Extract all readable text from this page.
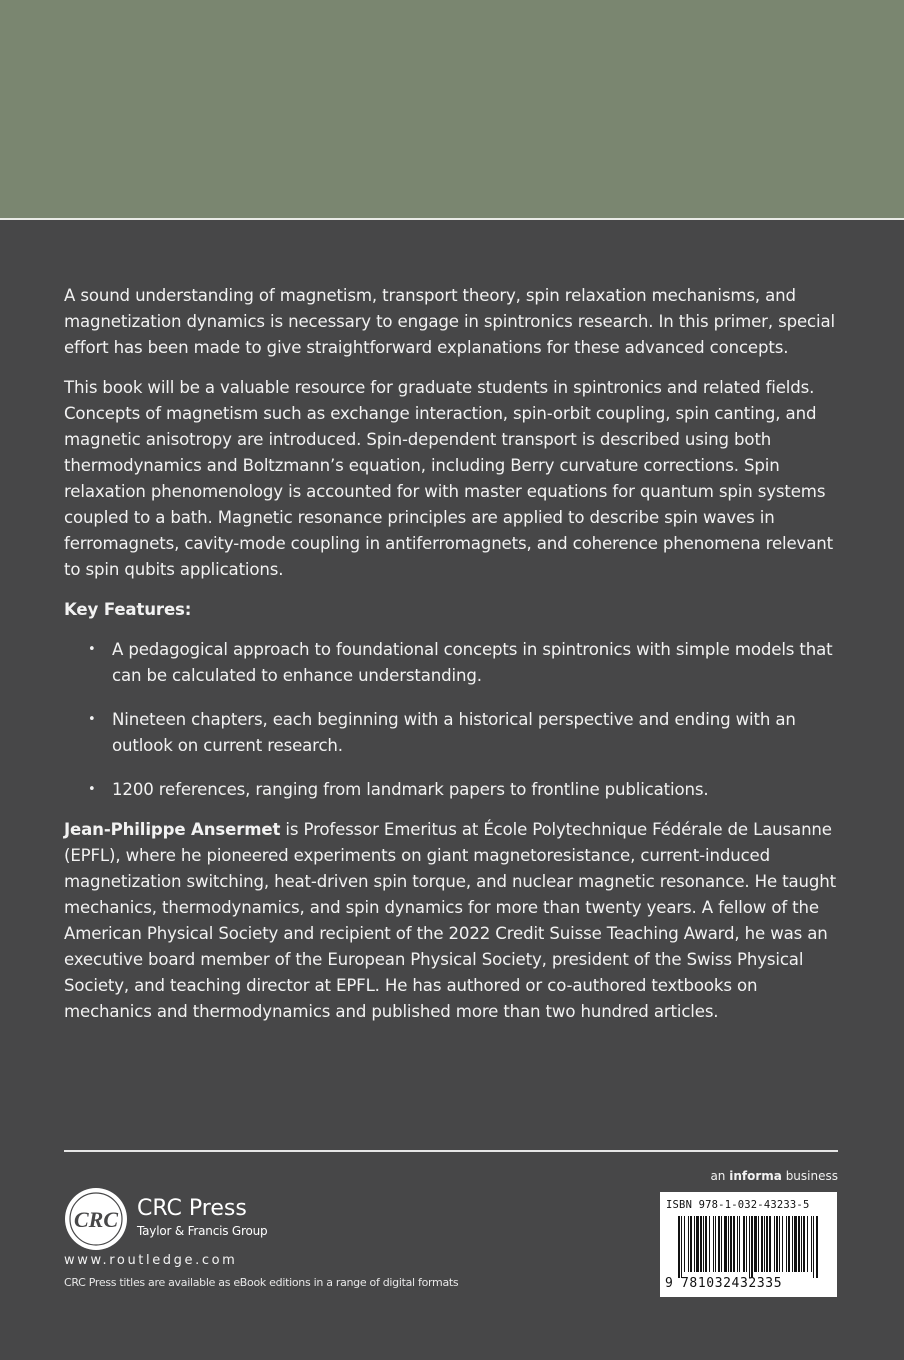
A sound understanding of magnetism, transport theory, spin relaxation mechanisms, and magnetization dynamics is necessary to engage in spintronics research. In this primer, special effort has been made to give straightforward explanations for these advanced concepts.

This book will be a valuable resource for graduate students in spintronics and related fields. Concepts of magnetism such as exchange interaction, spin-orbit coupling, spin canting, and magnetic anisotropy are introduced. Spin-dependent transport is described using both thermodynamics and Boltzmann’s equation, including Berry curvature corrections. Spin relaxation phenomenology is accounted for with master equations for quantum spin systems coupled to a bath. Magnetic resonance principles are applied to describe spin waves in ferromagnets, cavity-mode coupling in antiferromagnets, and coherence phenomena relevant to spin qubits applications.

Key Features:
• A pedagogical approach to foundational concepts in spintronics with simple models that can be calculated to enhance understanding.
• Nineteen chapters, each beginning with a historical perspective and ending with an outlook on current research.
• 1200 references, ranging from landmark papers to frontline publications.

Jean-Philippe Ansermet is Professor Emeritus at École Polytechnique Fédérale de Lausanne (EPFL), where he pioneered experiments on giant magnetoresistance, current-induced magnetization switching, heat-driven spin torque, and nuclear magnetic resonance. He taught mechanics, thermodynamics, and spin dynamics for more than twenty years. A fellow of the American Physical Society and recipient of the 2022 Credit Suisse Teaching Award, he was an executive board member of the European Physical Society, president of the Swiss Physical Society, and teaching director at EPFL. He has authored or co-authored textbooks on mechanics and thermodynamics and published more than two hundred articles.

an informa business
CRC CRC Press
Taylor & Francis Group
www.routledge.com
CRC Press titles are available as eBook editions in a range of digital formats
ISBN 978-1-032-43233-5
9 781032432335
